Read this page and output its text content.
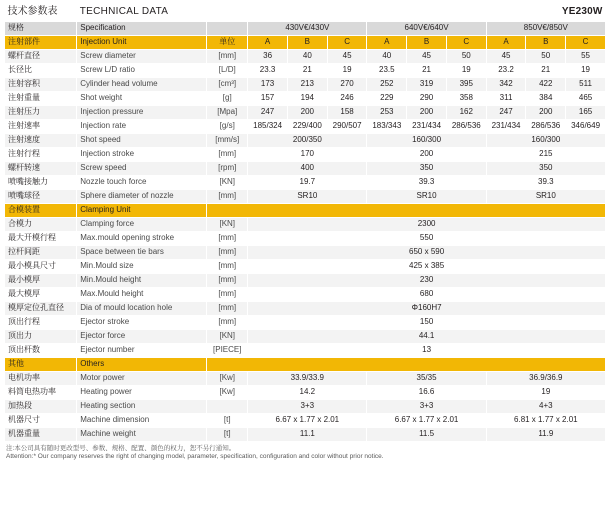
技术参数表	TECHNICAL DATA				YE230W						
规格	Specification		430V€/430V			640V€/640V			850V€/850V		
注射部件	Injection Unit	单位	A	B	C	A	B	C	A	B	C
螺杆直径	Screw diameter	[mm]	36	40	45	40	45	50	45	50	55
长径比	Screw L/D ratio	[L/D]	23.3	21	19	23.5	21	19	23.2	21	19
注射容积	Cylinder head volume	[cm³]	173	213	270	252	319	395	342	422	511
注射重量	Shot weight	[g]	157	194	246	229	290	358	311	384	465
注射压力	Injection pressure	[Mpa]	247	200	158	253	200	162	247	200	165
注射速率	Injection rate	[g/s]	185/324	229/400	290/507	183/343	231/434	286/536	231/434	286/536	346/649
注射速度	Shot speed	[mm/s]	200/350			160/300			160/300		
注射行程	Injection stroke	[mm]	170			200			215		
螺杆转速	Screw speed	[rpm]	400			350			350		
喷嘴接触力	Nozzle touch force	[KN]	19.7			39.3			39.3		
喷嘴球径	Sphere diameter of nozzle	[mm]	SR10			SR10			SR10		
合模装置	Clamping Unit										
合模力	Clamping force	[KN]	2300								
最大开模行程	Max.mould opening stroke	[mm]	550								
拉杆间距	Space between tie bars	[mm]	650 x 590								
最小模具尺寸	Min.Mould size	[mm]	425 x 385								
最小模厚	Min.Mould height	[mm]	230								
最大模厚	Max.Mould height	[mm]	680								
模厚定位孔直径	Dia of mould location hole	[mm]	Φ160H7								
顶出行程	Ejector stroke	[mm]	150								
顶出力	Ejector force	[KN]	44.1								
顶出杆数	Ejector number	[PIECE]	13								
其他	Others										
电机功率	Motor power	[Kw]	33.9/33.9			35/35			36.9/36.9		
料筒电热功率	Heating power	[Kw]	14.2			16.6			19		
加热段	Heating section		3+3			3+3			4+3		
机器尺寸	Machine dimension	[t]	6.67 x 1.77 x 2.01			6.67 x 1.77 x 2.01			6.81 x 1.77 x 2.01		
机器重量	Machine weight	[t]	11.1			11.5			11.9		
注:本公司具有随时更改型号、参数、规格、配置、颜色的权力，恕不另行通知。
Attention:* Our company reserves the right of changing model, parameter, specification, configuration and color without prior notice.
